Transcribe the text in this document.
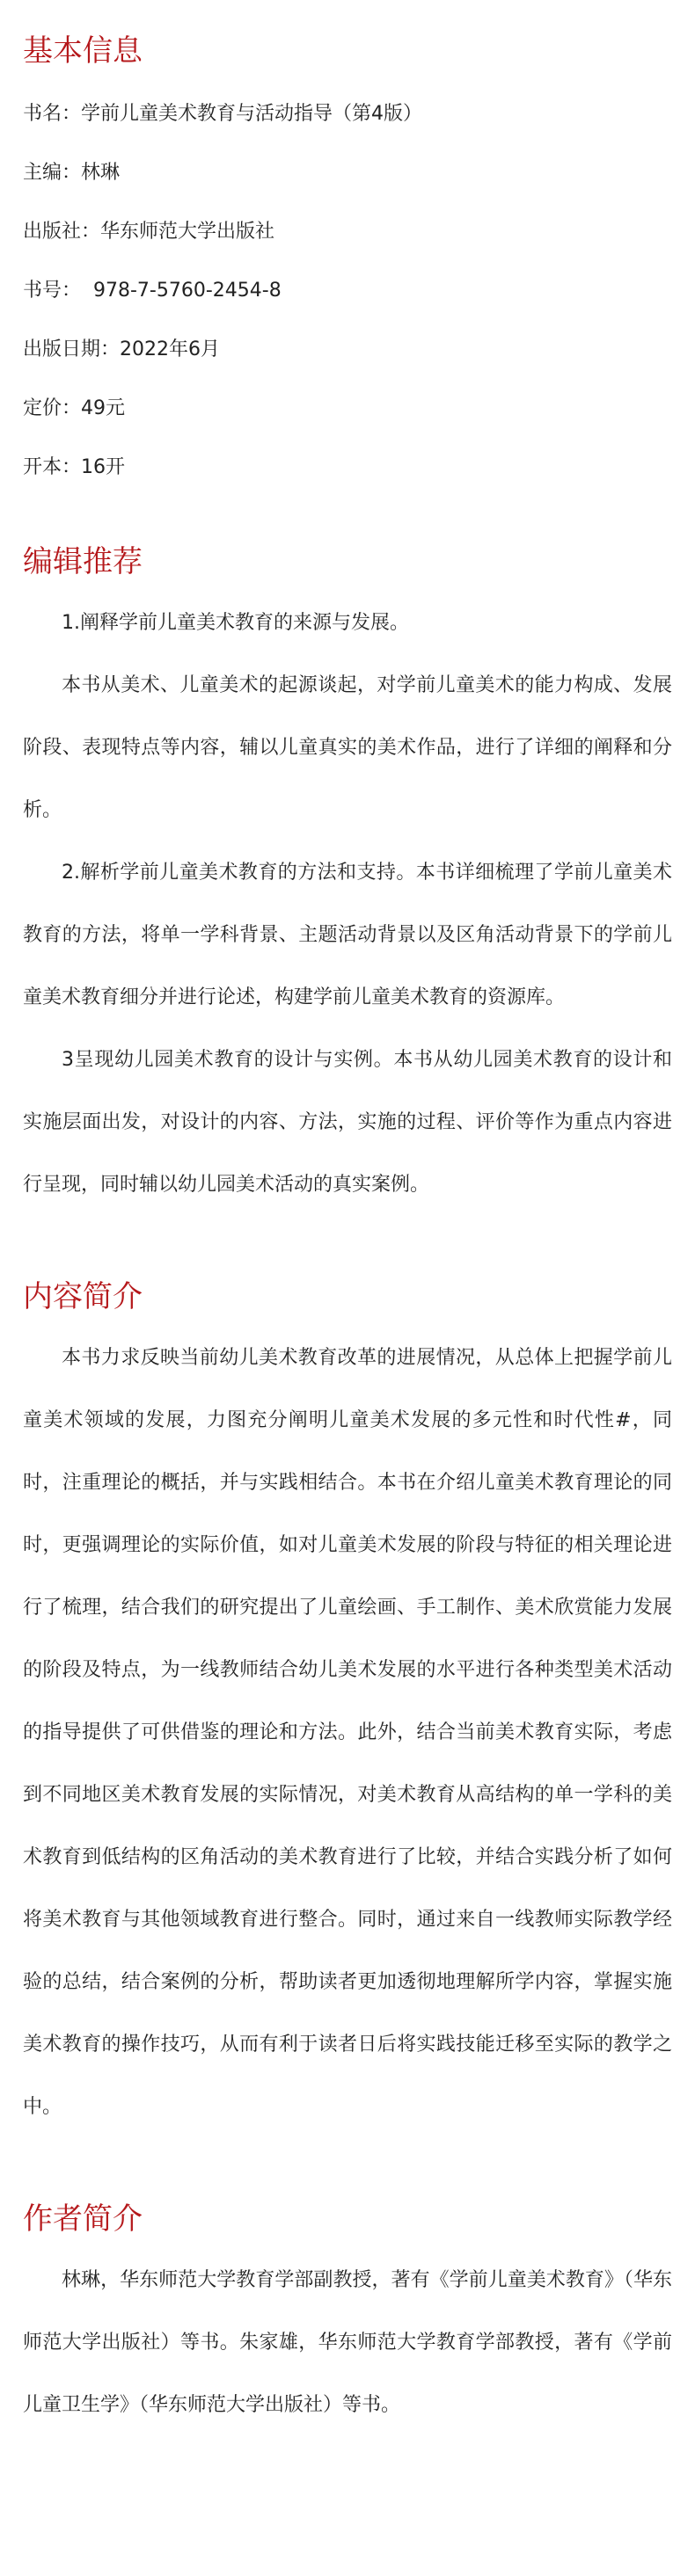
基本信息

书名：学前儿童美术教育与活动指导（第4版）

主编：林琳

出版社：华东师范大学出版社

书号：  978-7-5760-2454-8

出版日期：2022年6月

定价：49元

开本：16开

编辑推荐

1.阐释学前儿童美术教育的来源与发展。

本书从美术、儿童美术的起源谈起，对学前儿童美术的能力构成、发展阶段、表现特点等内容，辅以儿童真实的美术作品，进行了详细的阐释和分析。

2.解析学前儿童美术教育的方法和支持。本书详细梳理了学前儿童美术教育的方法，将单一学科背景、主题活动背景以及区角活动背景下的学前儿童美术教育细分并进行论述，构建学前儿童美术教育的资源库。

3呈现幼儿园美术教育的设计与实例。本书从幼儿园美术教育的设计和实施层面出发，对设计的内容、方法，实施的过程、评价等作为重点内容进行呈现，同时辅以幼儿园美术活动的真实案例。

内容简介

本书力求反映当前幼儿美术教育改革的进展情况，从总体上把握学前儿童美术领域的发展，力图充分阐明儿童美术发展的多元性和时代性#，同时，注重理论的概括，并与实践相结合。本书在介绍儿童美术教育理论的同时，更强调理论的实际价值，如对儿童美术发展的阶段与特征的相关理论进行了梳理，结合我们的研究提出了儿童绘画、手工制作、美术欣赏能力发展的阶段及特点，为一线教师结合幼儿美术发展的水平进行各种类型美术活动的指导提供了可供借鉴的理论和方法。此外，结合当前美术教育实际，考虑到不同地区美术教育发展的实际情况，对美术教育从高结构的单一学科的美术教育到低结构的区角活动的美术教育进行了比较，并结合实践分析了如何将美术教育与其他领域教育进行整合。同时，通过来自一线教师实际教学经验的总结，结合案例的分析，帮助读者更加透彻地理解所学内容，掌握实施美术教育的操作技巧，从而有利于读者日后将实践技能迁移至实际的教学之中。

作者简介

林琳，华东师范大学教育学部副教授，著有《学前儿童美术教育》（华东师范大学出版社）等书。朱家雄，华东师范大学教育学部教授，著有《学前儿童卫生学》（华东师范大学出版社）等书。
